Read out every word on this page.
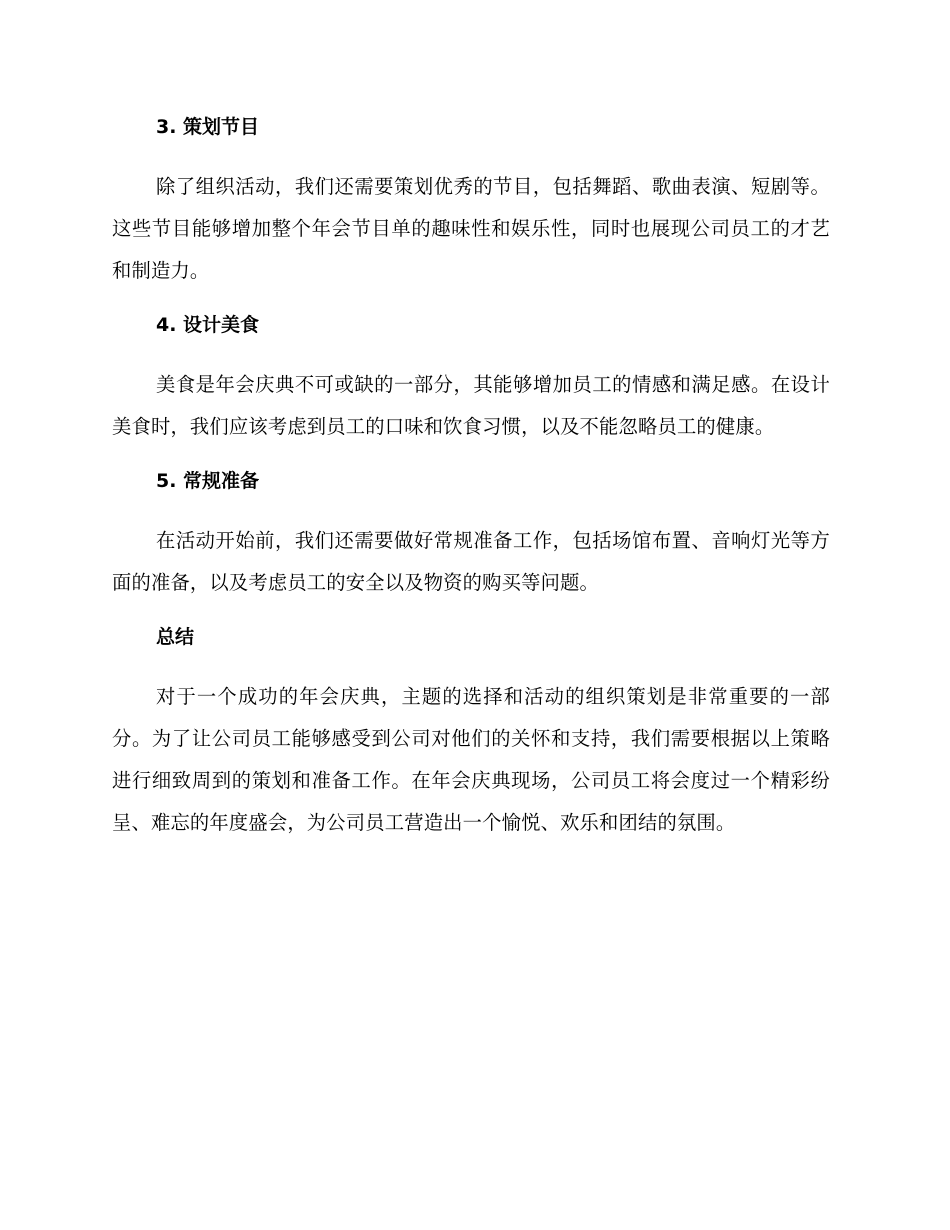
3. 策划节目

除了组织活动，我们还需要策划优秀的节目，包括舞蹈、歌曲表演、短剧等。这些节目能够增加整个年会节目单的趣味性和娱乐性，同时也展现公司员工的才艺和制造力。

4. 设计美食

美食是年会庆典不可或缺的一部分，其能够增加员工的情感和满足感。在设计美食时，我们应该考虑到员工的口味和饮食习惯，以及不能忽略员工的健康。

5. 常规准备

在活动开始前，我们还需要做好常规准备工作，包括场馆布置、音响灯光等方面的准备，以及考虑员工的安全以及物资的购买等问题。

总结

对于一个成功的年会庆典，主题的选择和活动的组织策划是非常重要的一部分。为了让公司员工能够感受到公司对他们的关怀和支持，我们需要根据以上策略进行细致周到的策划和准备工作。在年会庆典现场，公司员工将会度过一个精彩纷呈、难忘的年度盛会，为公司员工营造出一个愉悦、欢乐和团结的氛围。
